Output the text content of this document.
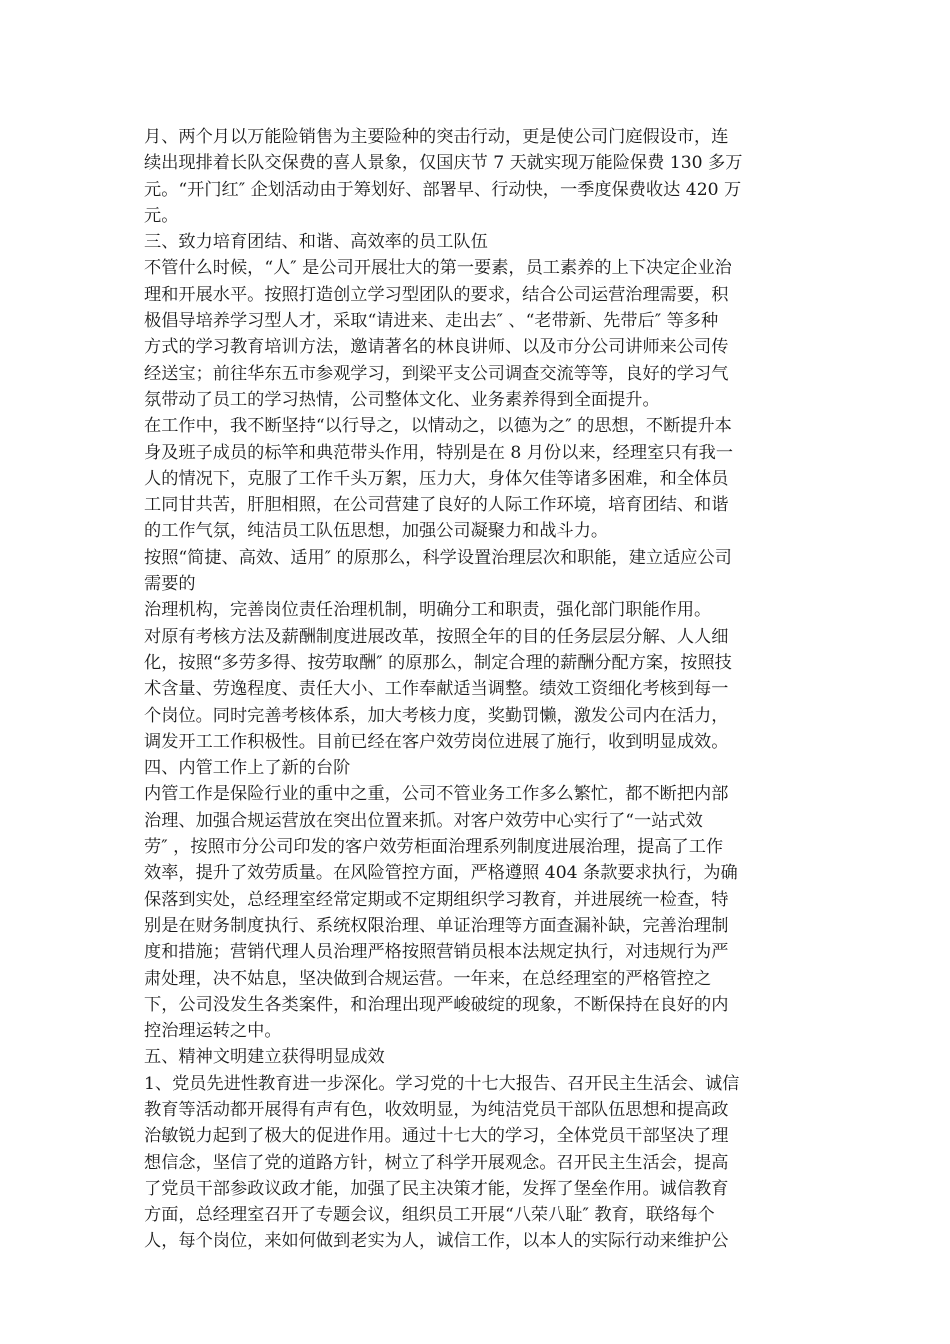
月、两个月以万能险销售为主要险种的突击行动，更是使公司门庭假设市，连
续出现排着长队交保费的喜人景象，仅国庆节 7 天就实现万能险保费 130 多万
元。“开门红″ 企划活动由于筹划好、部署早、行动快，一季度保费收达 420 万
元。
三、致力培育团结、和谐、高效率的员工队伍
不管什么时候，“人″ 是公司开展壮大的第一要素，员工素养的上下决定企业治
理和开展水平。按照打造创立学习型团队的要求，结合公司运营治理需要，积
极倡导培养学习型人才，采取“请进来、走出去″ 、“老带新、先带后″ 等多种
方式的学习教育培训方法，邀请著名的林良讲师、以及市分公司讲师来公司传
经送宝；前往华东五市参观学习，到梁平支公司调查交流等等，良好的学习气
氛带动了员工的学习热情，公司整体文化、业务素养得到全面提升。
在工作中，我不断坚持“以行导之，以情动之，以德为之″ 的思想，不断提升本
身及班子成员的标竿和典范带头作用，特别是在 8 月份以来，经理室只有我一
人的情况下，克服了工作千头万絮，压力大，身体欠佳等诸多困难，和全体员
工同甘共苦，肝胆相照，在公司营建了良好的人际工作环境，培育团结、和谐
的工作气氛，纯洁员工队伍思想，加强公司凝聚力和战斗力。
按照“简捷、高效、适用″ 的原那么，科学设置治理层次和职能，建立适应公司
需要的
治理机构，完善岗位责任治理机制，明确分工和职责，强化部门职能作用。
对原有考核方法及薪酬制度进展改革，按照全年的目的任务层层分解、人人细
化，按照“多劳多得、按劳取酬″ 的原那么，制定合理的薪酬分配方案，按照技
术含量、劳逸程度、责任大小、工作奉献适当调整。绩效工资细化考核到每一
个岗位。同时完善考核体系，加大考核力度，奖勤罚懒，激发公司内在活力，
调发开工工作积极性。目前已经在客户效劳岗位进展了施行，收到明显成效。
四、内管工作上了新的台阶
内管工作是保险行业的重中之重，公司不管业务工作多么繁忙，都不断把内部
治理、加强合规运营放在突出位置来抓。对客户效劳中心实行了“一站式效
劳″ ，按照市分公司印发的客户效劳柜面治理系列制度进展治理，提高了工作
效率，提升了效劳质量。在风险管控方面，严格遵照 404 条款要求执行，为确
保落到实处，总经理室经常定期或不定期组织学习教育，并进展统一检查，特
别是在财务制度执行、系统权限治理、单证治理等方面查漏补缺，完善治理制
度和措施；营销代理人员治理严格按照营销员根本法规定执行，对违规行为严
肃处理，决不姑息，坚决做到合规运营。一年来，在总经理室的严格管控之
下，公司没发生各类案件，和治理出现严峻破绽的现象，不断保持在良好的内
控治理运转之中。
五、精神文明建立获得明显成效
1、党员先进性教育进一步深化。学习党的十七大报告、召开民主生活会、诚信
教育等活动都开展得有声有色，收效明显，为纯洁党员干部队伍思想和提高政
治敏锐力起到了极大的促进作用。通过十七大的学习，全体党员干部坚决了理
想信念，坚信了党的道路方针，树立了科学开展观念。召开民主生活会，提高
了党员干部参政议政才能，加强了民主决策才能，发挥了堡垒作用。诚信教育
方面，总经理室召开了专题会议，组织员工开展“八荣八耻″ 教育，联络每个
人，每个岗位，来如何做到老实为人，诚信工作，以本人的实际行动来维护公
